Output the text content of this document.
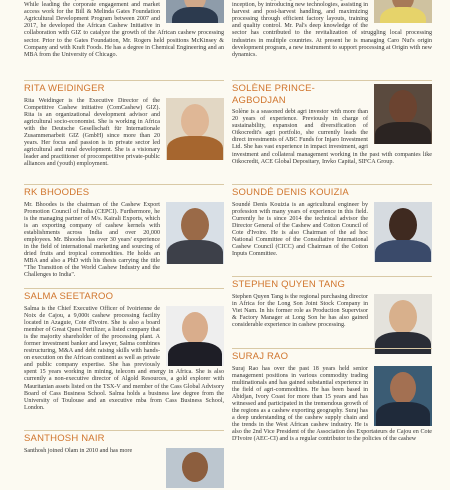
While leading the corporate engagement and market access work for the Bill & Melinda Gates Foundation Agricultural Development Program between 2007 and 2017, he developed the African Cashew Initiative in collaboration with GIZ to catalyze the growth of the African cashew processing sector. Prior to the Gates Foundation, Mr. Rogers held positions McKinsey & Company and with Kraft Foods. He has a degree in Chemical Engineering and an MBA from the University of Chicago.

RITA WEIDINGER

Rita Weidinger is the Executive Director of the Competitive Cashew initiative (ComCashew) GIZ). Rita is an organizational development advisor and agricultural socio-economist. She is working in Africa with the Deutsche Gesellschaft für Internationale Zusammenarbeit GIZ (GmbH) since more than 20 years. Her focus and passion is in private sector led agricultural and rural development. She is a visionary leader and practitioner of procompetitive private-public alliances and (youth) employment.

RK BHOODES

Mr. Bhoodes is the chairman of the Cashew Export Promotion Council of India (CEPCI). Furthermore, he is the managing partner of M/s. Kairali Exports, which is an exporting company of cashew kernels with establishments across India and over 20,000 employees. Mr. Bhoodes has over 30 years' experience in the field of international marketing and sourcing of dried fruits and tropical commodities. He holds an MBA and also a PhD with his thesis carrying the title "The Transition of the World Cashew Industry and the Challenges to India".

SALMA SEETAROO

Salma is the Chief Executive Officer of Ivoirienne de Noix de Cajou, a 9,000t cashew processing facility located in Azaguie, Cote d'Ivoire. She is also a board member of Great Quest Fertilizer, a listed company that is the majority shareholder of the processing plant. A former investment banker and lawyer, Salma combines restructuring, M&A and debt raising skills with hands-on execution on the African continent as well as private and public company expertise. She has previously spent 15 years working in mining, telecom and energy in Africa. She is also currently a non-executive director of Algold Resources, a gold explorer with Mauritanian assets listed on the TSX-V and member of the Cass Global Advisory Board of Cass Business School. Salma holds a business law degree from the University of Toulouse and an executive mba from Cass Business School, London.

SANTHOSH NAIR

Santhosh joined Olam in 2010 and has more

inception, by introducing new technologies, assisting in harvest and post-harvest handling, and maximizing processing through efficient factory layouts, training and quality control. Mr. Pal's deep knowledge of the sector has contributed to the revitalization of struggling local processing industries in multiple countries. At present he is managing Caro Nut's origin development program, a new instrument to support processing at Origin with new dynamics.

SOLÈNE PRINCE-AGBODJAN

Solène is a seasoned debt agri investor with more than 20 years of experience. Previously in charge of sustainability, expansion and diversification of Oikocredit's agri portfolio, she currently leads the direct investments of ABC Funds for Injaro Investment Ltd. She has vast experience in impact investment, agri investment and collateral management working in the past with companies like Oikocredit, ACE Global Depositary, Invko Capital, SIFCA Group.

SOUNDÉ DENIS KOUIZIA

Soundé Denis Kouizia is an agricultural engineer by profession with many years of experience in this field. Currently he is since 2014 the technical advisor the Director General of the Cashew and Cotton Council of Cote d'Ivoire. He is also Chairman of the ad hoc National Committee of the Consultative International Cashew Council (CICC) and Chairman of the Cotton Inputs Committee.

STEPHEN QUYEN TANG

Stephen Quyen Tang is the regional purchasing director in Africa for the Long Son Joint Stock Company in Viet Nam. In his former role as Production Supervisor & Factory Manager at Long Son he has also gained considerable experience in cashew processing.

SURAJ RAO

Suraj Rao has over the past 18 years held senior management positions in various commodity trading multinationals and has gained substantial experience in the field of agri-commodities. He has been based in Abidjan, Ivory Coast for more than 15 years and has witnessed and participated in the tremendous growth of the regions as a cashew exporting geography. Suraj has a deep understanding of the cashew supply chain and the trends in the West African cashew industry. He is also the 2nd Vice President of the Association des Exportateurs de Cajou en Cote D'Ivoire (AEC-CI) and is a regular contributor to the policies of the cashew
